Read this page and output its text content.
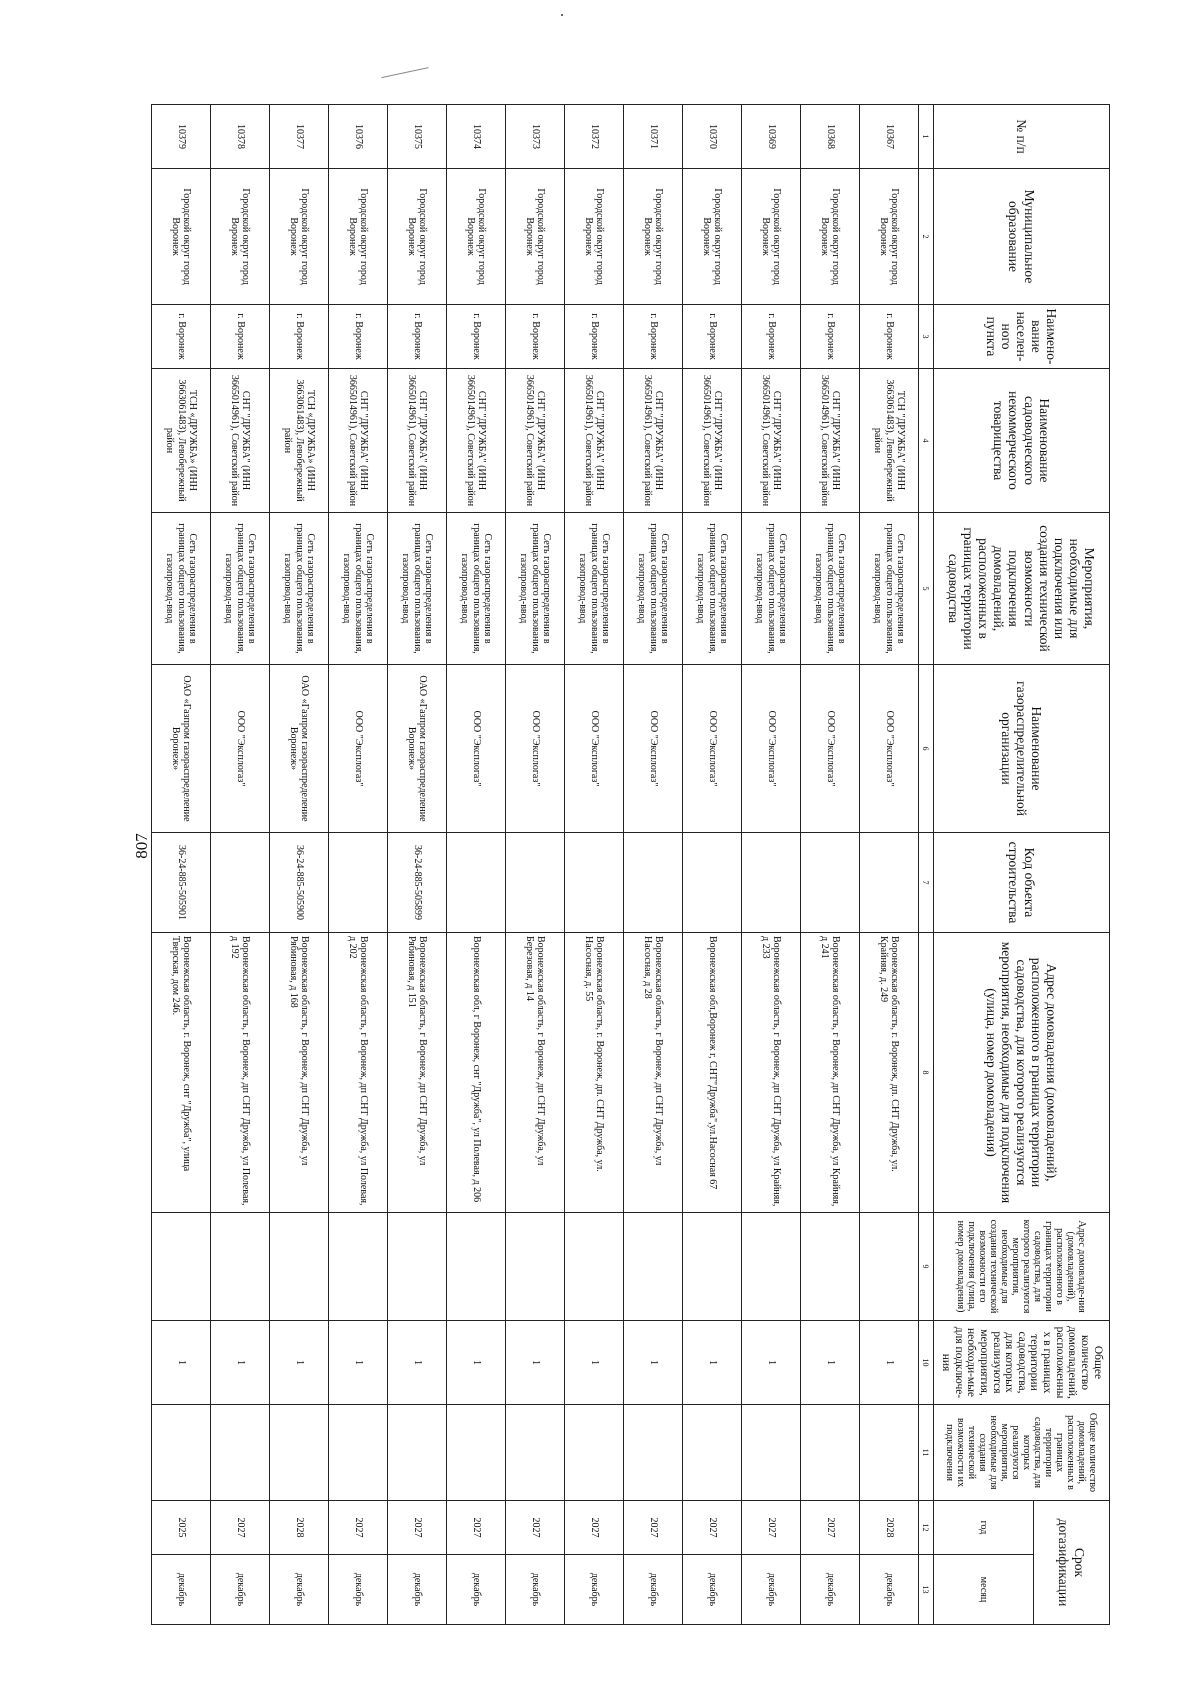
807
№ п/п	Муниципальное образование	Наимено-вание населен-ного пункта	Наименование садоводческого некоммерческого товарищества	Мероприятия, необходимые для подключения или создания технической возможности подключения домовладений, расположенных в границах территории садоводства	Наименование газораспределительной организации	Код объекта строительства	Адрес домовладения (домовладений), расположенного в границах территории садоводства, для которого реализуются мероприятия, необходимые для подключения (улица, номер домовладения)	Адрес домовладе-ния (домовладений), расположенного в границах территории садоводства, для которого реализуются мероприятия, необходимые для создания технической возможности его подключения (улица, номер домовладения)	Общее количество домовладений, расположенных в границах территории садоводства, для которых реализуются мероприятия, необходи-мые для подключе-ния	Общее количество домовладений, расположенных в границах территории садоводства, для которых реализуются мероприятия, необходимые для создания технической возможности их подключения	Срок догазификации	
											год	месяц
1	2	3	4	5	6	7	8	9	10	11	12	13
10367	Городской округ город Воронеж	г. Воронеж	ТСН "ДРУЖБА" (ИНН 3663061483), Левобережный район	Сеть газораспределения в границах общего пользования, газопровод-ввод	ООО "Эксплогаз"		Воронежская область, г. Воронеж, дп. СНТ Дружба, ул. Крайняя, д. 249		1		2028	декабрь
10368	Городской округ город Воронеж	г. Воронеж	СНТ "ДРУЖБА" (ИНН 3665014961), Советский район	Сеть газораспределения в границах общего пользования, газопровод-ввод	ООО "Эксплогаз"		Воронежская область, г Воронеж, дп СНТ Дружба, ул Крайняя, д 241		1		2027	декабрь
10369	Городской округ город Воронеж	г. Воронеж	СНТ "ДРУЖБА" (ИНН 3665014961), Советский район	Сеть газораспределения в границах общего пользования, газопровод-ввод	ООО "Эксплогаз"		Воронежская область, г Воронеж, дп СНТ Дружба, ул Крайняя, д 233		1		2027	декабрь
10370	Городской округ город Воронеж	г. Воронеж	СНТ "ДРУЖБА" (ИНН 3665014961), Советский район	Сеть газораспределения в границах общего пользования, газопровод-ввод	ООО "Эксплогаз"		Воронежская обл,Воронеж г, СНТ"Дружба",ул.Насосная 67		1		2027	декабрь
10371	Городской округ город Воронеж	г. Воронеж	СНТ "ДРУЖБА" (ИНН 3665014961), Советский район	Сеть газораспределения в границах общего пользования, газопровод-ввод	ООО "Эксплогаз"		Воронежская область, г Воронеж, дп СНТ Дружба, ул Насосная, д 28		1		2027	декабрь
10372	Городской округ город Воронеж	г. Воронеж	СНТ "ДРУЖБА" (ИНН 3665014961), Советский район	Сеть газораспределения в границах общего пользования, газопровод-ввод	ООО "Эксплогаз"		Воронежская область, г. Воронеж, дп. СНТ Дружба, ул. Насосная, д. 55		1		2027	декабрь
10373	Городской округ город Воронеж	г. Воронеж	СНТ "ДРУЖБА" (ИНН 3665014961), Советский район	Сеть газораспределения в границах общего пользования, газопровод-ввод	ООО "Эксплогаз"		Воронежская область, г Воронеж, дп СНТ Дружба, ул Березовая, д 14		1		2027	декабрь
10374	Городской округ город Воронеж	г. Воронеж	СНТ "ДРУЖБА" (ИНН 3665014961), Советский район	Сеть газораспределения в границах общего пользования, газопровод-ввод	ООО "Эксплогаз"		Воронежская обл, г Воронеж, снт "Дружба", ул Полевая, д 206		1		2027	декабрь
10375	Городской округ город Воронеж	г. Воронеж	СНТ "ДРУЖБА" (ИНН 3665014961), Советский район	Сеть газораспределения в границах общего пользования, газопровод-ввод	ОАО «Газпром газораспределение Воронеж»	36-24-885-505899	Воронежская область, г Воронеж, дп СНТ Дружба, ул Рябиновая, д 151		1		2027	декабрь
10376	Городской округ город Воронеж	г. Воронеж	СНТ "ДРУЖБА" (ИНН 3665014961), Советский район	Сеть газораспределения в границах общего пользования, газопровод-ввод	ООО "Эксплогаз"		Воронежская область, г Воронеж, дп СНТ Дружба, ул Полевая, д 202		1		2027	декабрь
10377	Городской округ город Воронеж	г. Воронеж	ТСН «ДРУЖБА» (ИНН 3663061483), Левобережный район	Сеть газораспределения в границах общего пользования, газопровод-ввод	ОАО «Газпром газораспределение Воронеж»	36-24-885-505900	Воронежская область, г Воронеж, дп СНТ Дружба, ул Рябиновая, д 168		1		2028	декабрь
10378	Городской округ город Воронеж	г. Воронеж	СНТ "ДРУЖБА" (ИНН 3665014961), Советский район	Сеть газораспределения в границах общего пользования, газопровод-ввод	ООО "Эксплогаз"		Воронежская область, г Воронеж, дп СНТ Дружба, ул Полевая, д 192		1		2027	декабрь
10379	Городской округ город Воронеж	г. Воронеж	ТСН «ДРУЖБА» (ИНН 3663061483), Левобережный район	Сеть газораспределения в границах общего пользования, газопровод-ввод	ОАО «Газпром газораспределение Воронеж»	36-24-885-505901	Воронежская область, г. Воронеж, снт "Дружба", улица Тверская, дом 246.		1		2025	декабрь
